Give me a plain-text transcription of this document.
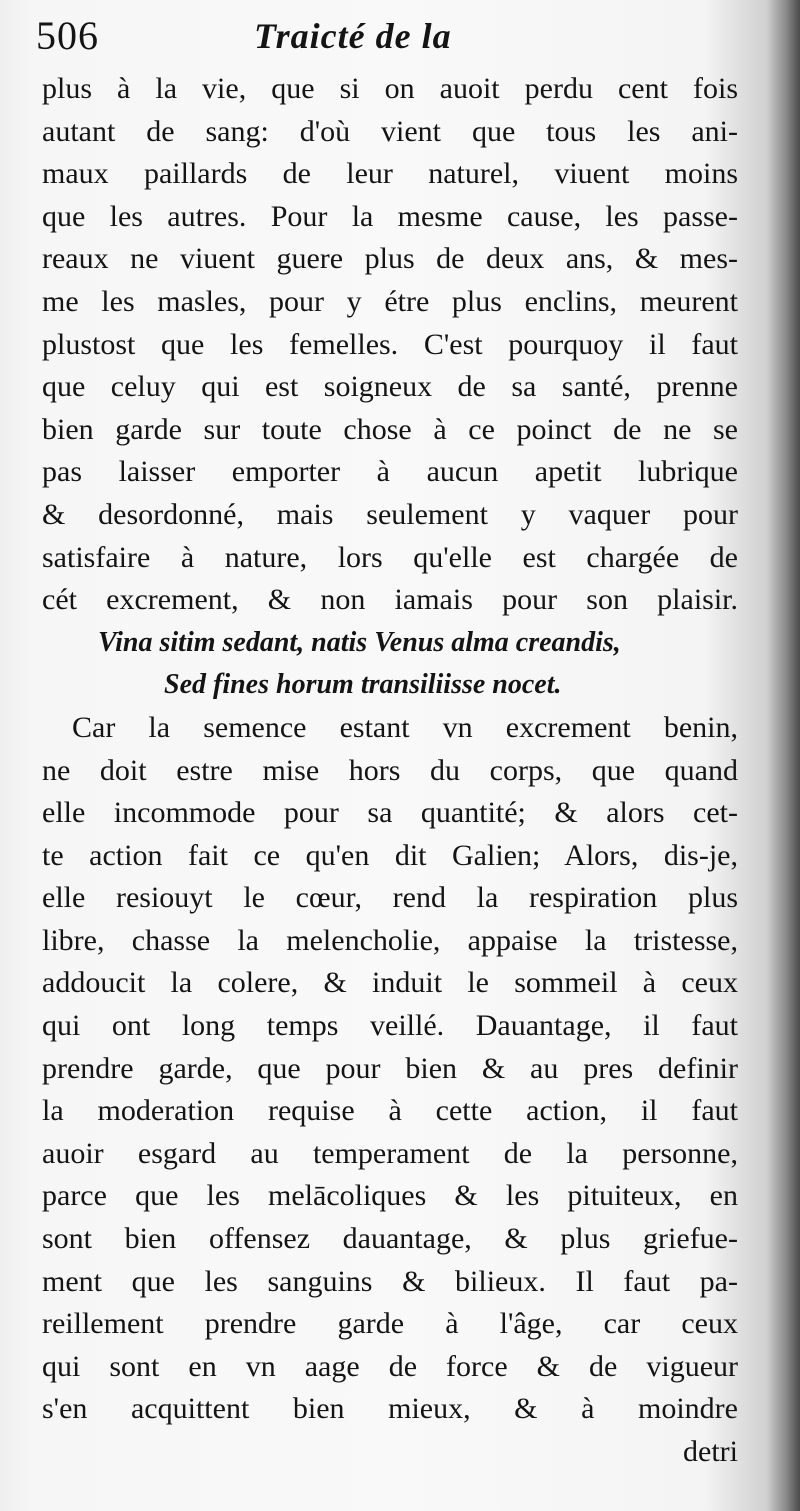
506	Traicté de la
plus à la vie, que si on auoit perdu cent fois
autant de sang: d'où vient que tous les ani-
maux paillards de leur naturel, viuent moins
que les autres. Pour la mesme cause, les passe-
reaux ne viuent guere plus de deux ans, & mes-
me les masles, pour y étre plus enclins, meurent
plustost que les femelles. C'est pourquoy il faut
que celuy qui est soigneux de sa santé, prenne
bien garde sur toute chose à ce poinct de ne se
pas laisser emporter à aucun apetit lubrique
& desordonné, mais seulement y vaquer pour
satisfaire à nature, lors qu'elle est chargée de
cét excrement, & non iamais pour son plaisir.
Vina sitim sedant, natis Venus alma creandis,
Sed fines horum transiliisse nocet.
Car la semence estant vn excrement benin,
ne doit estre mise hors du corps, que quand
elle incommode pour sa quantité; & alors cet-
te action fait ce qu'en dit Galien; Alors, dis-je,
elle resiouyt le cœur, rend la respiration plus
libre, chasse la melencholie, appaise la tristesse,
addoucit la colere, & induit le sommeil à ceux
qui ont long temps veillé. Dauantage, il faut
prendre garde, que pour bien & au pres definir
la moderation requise à cette action, il faut
auoir esgard au temperament de la personne,
parce que les melācoliques & les pituiteux, en
sont bien offensez dauantage, & plus griefue-
ment que les sanguins & bilieux. Il faut pa-
reillement prendre garde à l'âge, car ceux
qui sont en vn aage de force & de vigueur
s'en acquittent bien mieux, & à moindre
detri
